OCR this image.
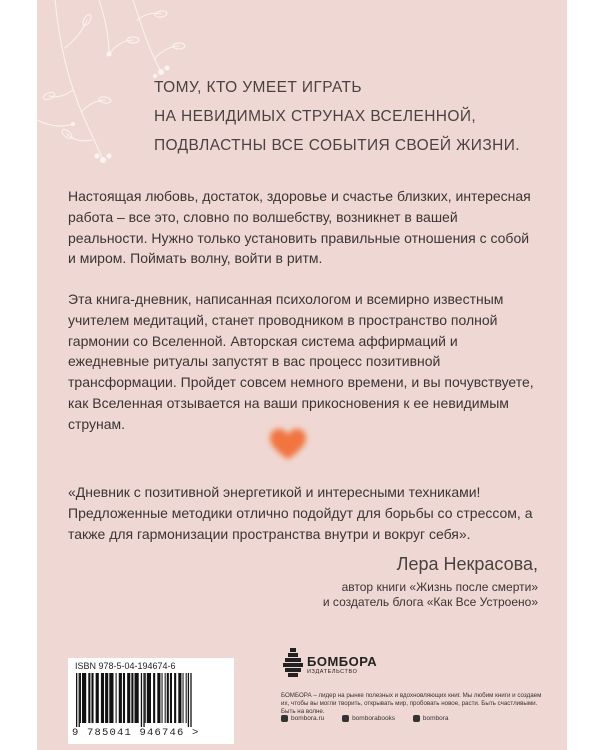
ТОМУ, КТО УМЕЕТ ИГРАТЬ
НА НЕВИДИМЫХ СТРУНАХ ВСЕЛЕННОЙ,
ПОДВЛАСТНЫ ВСЕ СОБЫТИЯ СВОЕЙ ЖИЗНИ.

Настоящая любовь, достаток, здоровье и счастье близких, интересная работа – все это, словно по волшебству, возникнет в вашей реальности. Нужно только установить правильные отношения с собой и миром. Поймать волну, войти в ритм.

Эта книга-дневник, написанная психологом и всемирно известным учителем медитаций, станет проводником в пространство полной гармонии со Вселенной. Авторская система аффирмаций и ежедневные ритуалы запустят в вас процесс позитивной трансформации. Пройдет совсем немного времени, и вы почувствуете, как Вселенная отзывается на ваши прикосновения к ее невидимым струнам.

«Дневник с позитивной энергетикой и интересными техниками! Предложенные методики отлично подойдут для борьбы со стрессом, а также для гармонизации пространства внутри и вокруг себя».

Лера Некрасова,
автор книги «Жизнь после смерти»
и создатель блога «Как Все Устроено»
ISBN 978-5-04-194674-6
9 785041 946746 >
БОМБОРА
ИЗДАТЕЛЬСТВО
БОМБОРА – лидер на рынке полезных и вдохновляющих книг. Мы любим книги и создаем их, чтобы вы могли творить, открывать мир, пробовать новое, расти. Быть счастливыми. Быть на волне.
bombora.ru
	bomborabooks
	bombora
